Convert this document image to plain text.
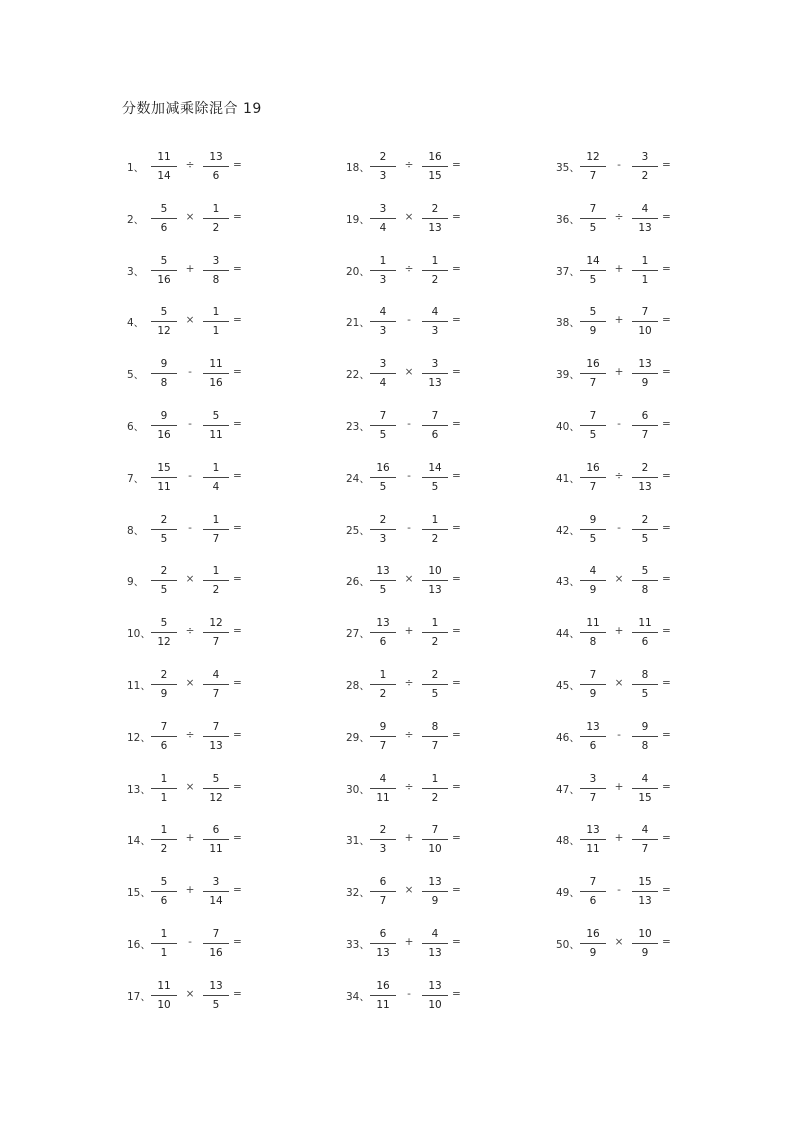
分数加减乘除混合 19
1、
11
14
÷
13
6
=
2、
5
6
×
1
2
=
3、
5
16
+
3
8
=
4、
5
12
×
1
1
=
5、
9
8
-
11
16
=
6、
9
16
-
5
11
=
7、
15
11
-
1
4
=
8、
2
5
-
1
7
=
9、
2
5
×
1
2
=
10、
5
12
÷
12
7
=
11、
2
9
×
4
7
=
12、
7
6
÷
7
13
=
13、
1
1
×
5
12
=
14、
1
2
+
6
11
=
15、
5
6
+
3
14
=
16、
1
1
-
7
16
=
17、
11
10
×
13
5
=
18、
2
3
÷
16
15
=
19、
3
4
×
2
13
=
20、
1
3
÷
1
2
=
21、
4
3
-
4
3
=
22、
3
4
×
3
13
=
23、
7
5
-
7
6
=
24、
16
5
-
14
5
=
25、
2
3
-
1
2
=
26、
13
5
×
10
13
=
27、
13
6
+
1
2
=
28、
1
2
÷
2
5
=
29、
9
7
÷
8
7
=
30、
4
11
÷
1
2
=
31、
2
3
+
7
10
=
32、
6
7
×
13
9
=
33、
6
13
+
4
13
=
34、
16
11
-
13
10
=
35、
12
7
-
3
2
=
36、
7
5
÷
4
13
=
37、
14
5
+
1
1
=
38、
5
9
+
7
10
=
39、
16
7
+
13
9
=
40、
7
5
-
6
7
=
41、
16
7
÷
2
13
=
42、
9
5
-
2
5
=
43、
4
9
×
5
8
=
44、
11
8
+
11
6
=
45、
7
9
×
8
5
=
46、
13
6
-
9
8
=
47、
3
7
+
4
15
=
48、
13
11
+
4
7
=
49、
7
6
-
15
13
=
50、
16
9
×
10
9
=
